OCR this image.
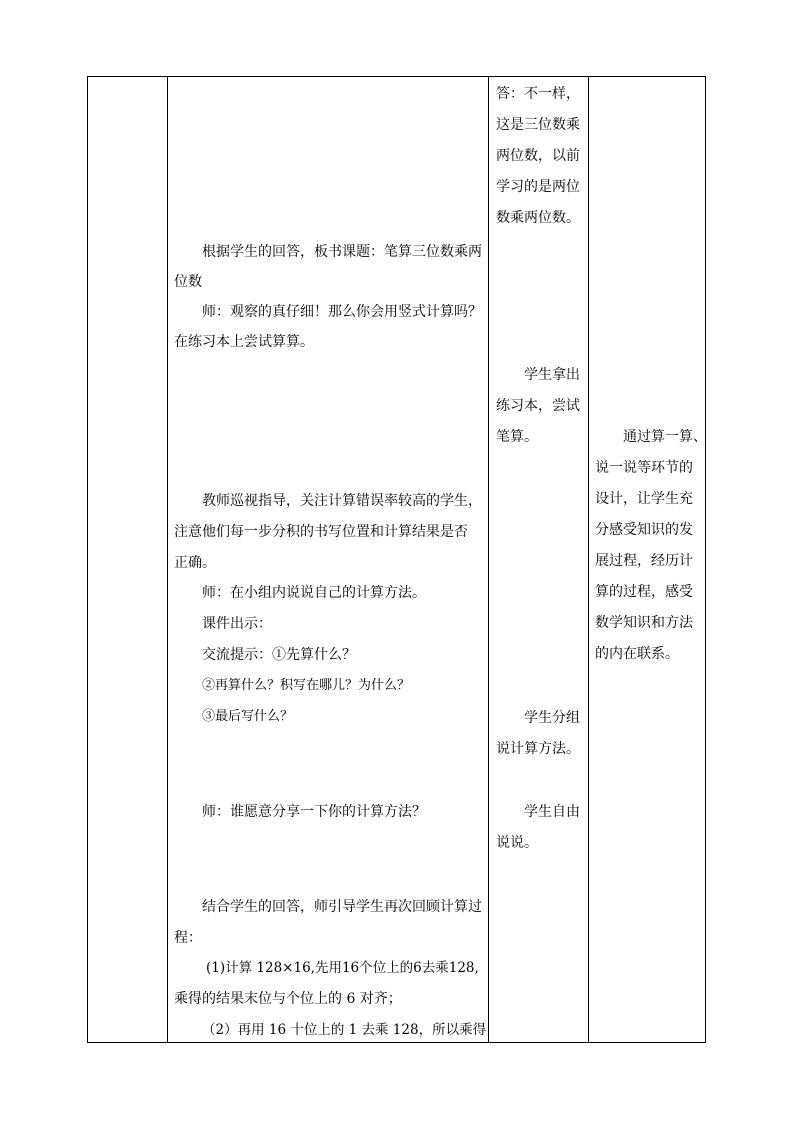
根据学生的回答，板书课题：笔算三位数乘两
位数
师：观察的真仔细！那么你会用竖式计算吗？
在练习本上尝试算算。
教师巡视指导，关注计算错误率较高的学生，
注意他们每一步分积的书写位置和计算结果是否
正确。
师：在小组内说说自己的计算方法。
课件出示：
交流提示：①先算什么？
②再算什么？积写在哪儿？为什么？
③最后写什么？
师：谁愿意分享一下你的计算方法？
结合学生的回答，师引导学生再次回顾计算过
程：
(1)计算 128×16,先用16个位上的6去乘128,
乘得的结果末位与个位上的 6 对齐；
（2）再用 16 十位上的 1 去乘 128，所以乘得
答：不一样，
这是三位数乘
两位数，以前
学习的是两位
数乘两位数。
学生拿出
练习本，尝试
笔算。
学生分组
说计算方法。
学生自由
说说。
通过算一算、
说一说等环节的
设计，让学生充
分感受知识的发
展过程，经历计
算的过程，感受
数学知识和方法
的内在联系。
